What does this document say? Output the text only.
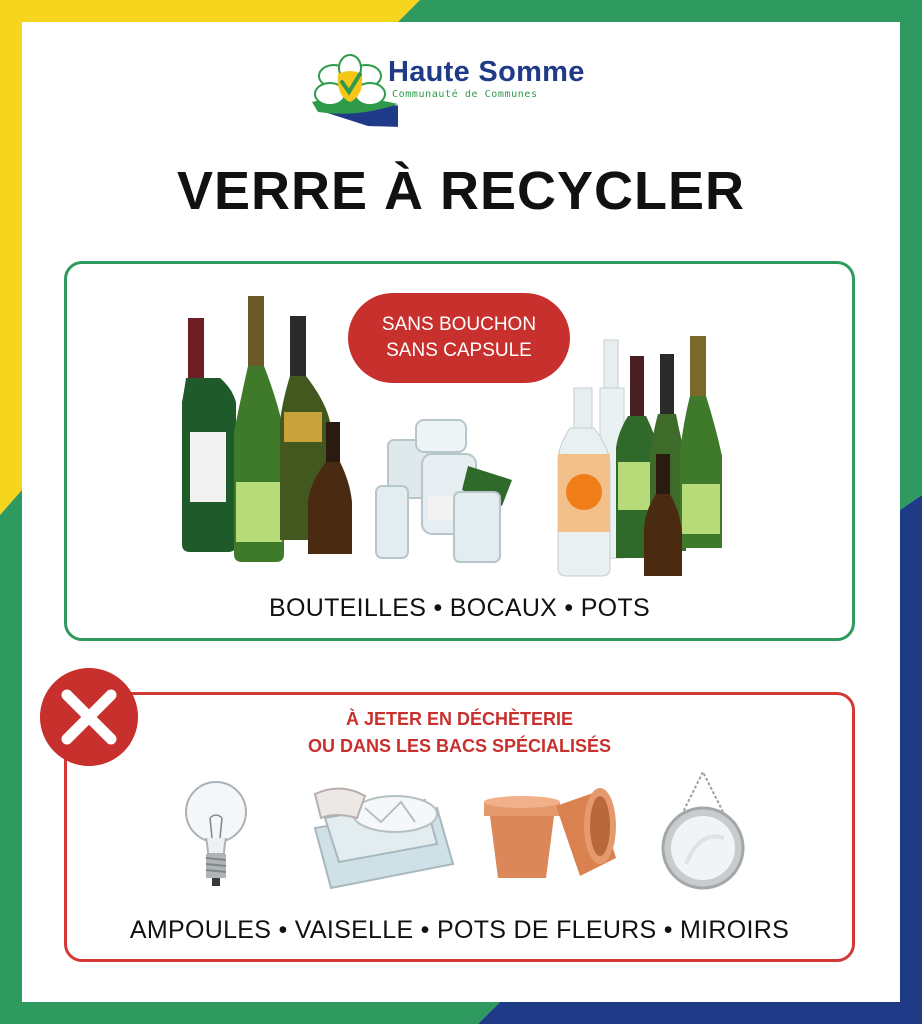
Haute Somme
Communauté de Communes
VERRE À RECYCLER
SANS BOUCHON
SANS CAPSULE
BOUTEILLES • BOCAUX • POTS
À JETER EN DÉCHÈTERIE
OU DANS LES BACS SPÉCIALISÉS
AMPOULES • VAISELLE • POTS DE FLEURS • MIROIRS
